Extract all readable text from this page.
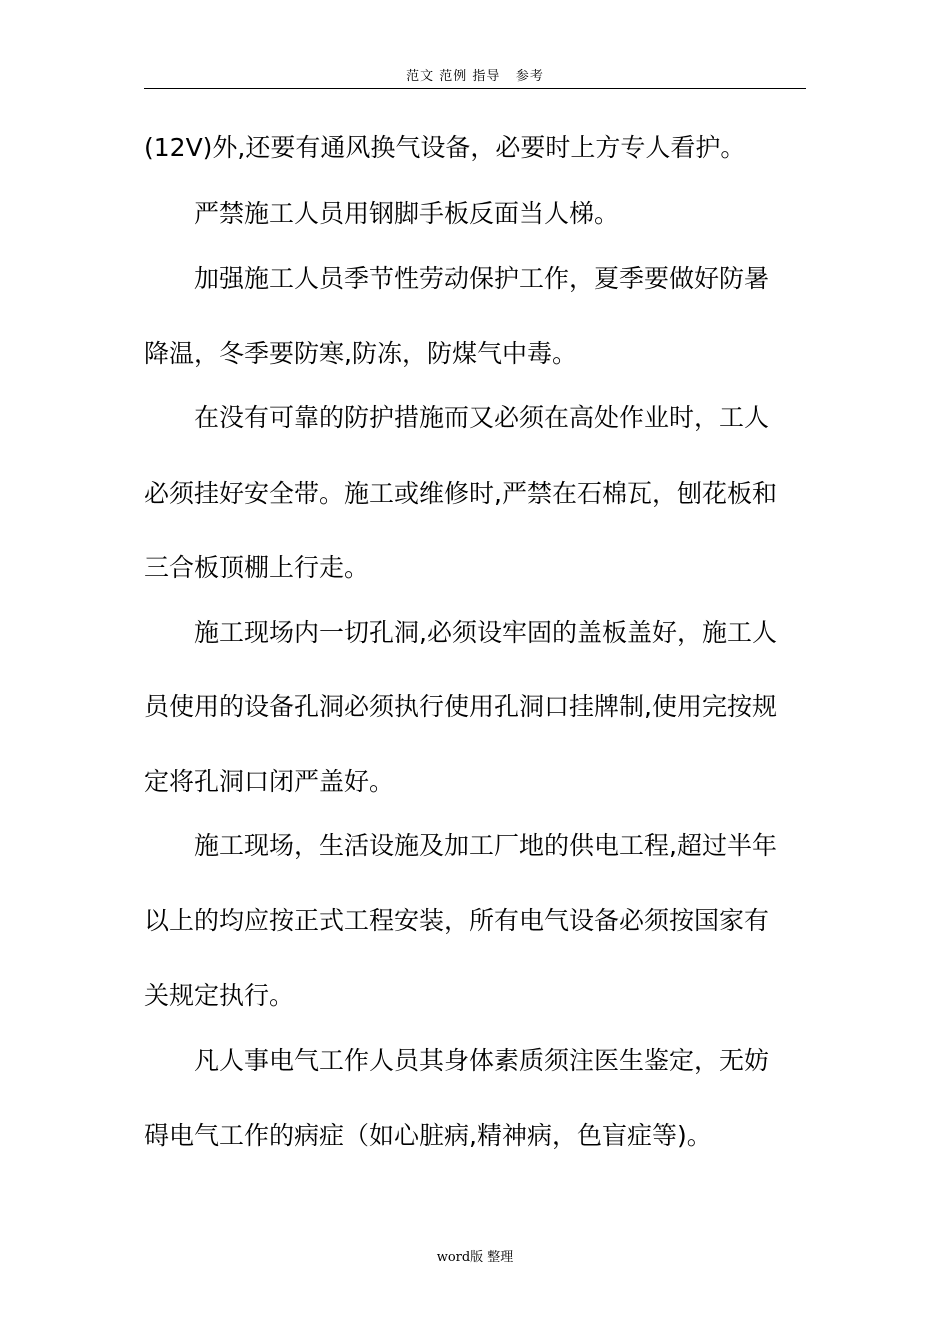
范文 范例 指导   参考
(12Ⅴ)外,还要有通风换气设备，必要时上方专人看护。
严禁施工人员用钢脚手板反面当人梯。
加强施工人员季节性劳动保护工作，夏季要做好防暑
降温，冬季要防寒,防冻，防煤气中毒。
在没有可靠的防护措施而又必须在高处作业时，工人
必须挂好安全带。施工或维修时,严禁在石棉瓦，刨花板和
三合板顶棚上行走。
施工现场内一切孔洞,必须设牢固的盖板盖好，施工人
员使用的设备孔洞必须执行使用孔洞口挂牌制,使用完按规
定将孔洞口闭严盖好。
施工现场，生活设施及加工厂地的供电工程,超过半年
以上的均应按正式工程安装，所有电气设备必须按国家有
关规定执行。
凡人事电气工作人员其身体素质须注医生鉴定，无妨
碍电气工作的病症（如心脏病,精神病，色盲症等)。
word版 整理
